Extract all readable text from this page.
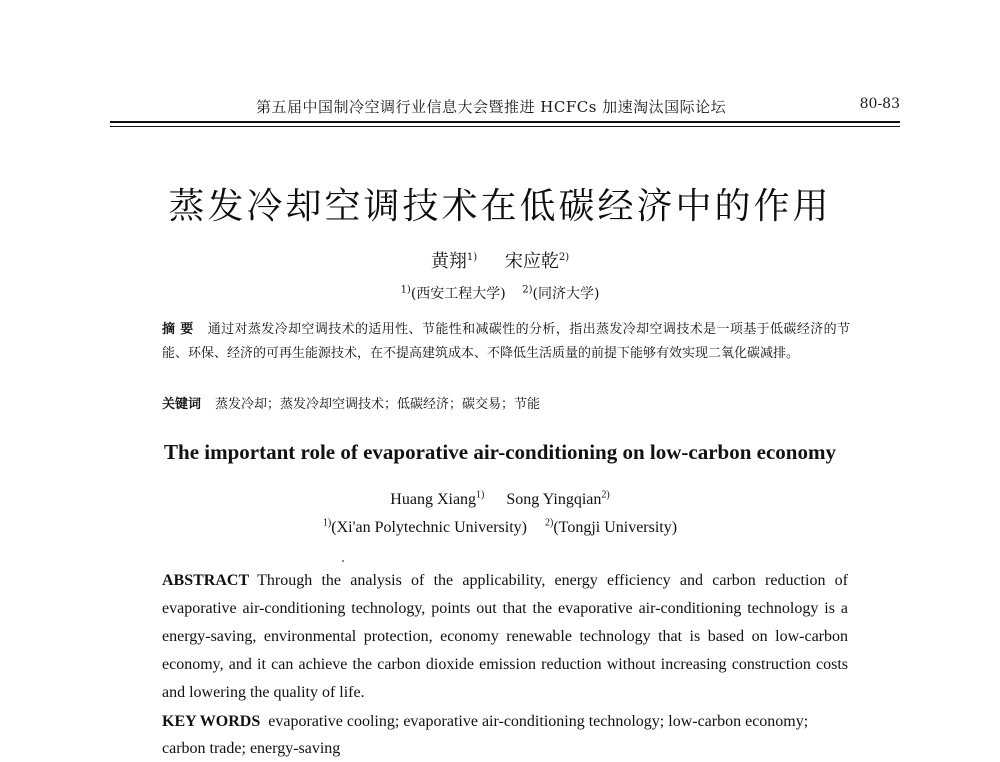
第五届中国制冷空调行业信息大会暨推进 HCFCs 加速淘汰国际论坛	80-83
蒸发冷却空调技术在低碳经济中的作用
黄翔$^{1)}$ 宋应乾$^{2)}$
$^{1)}$(西安工程大学) $^{2)}$(同济大学)
摘 要 通过对蒸发冷却空调技术的适用性、节能性和减碳性的分析，指出蒸发冷却空调技术是一项基于低碳经济的节能、环保、经济的可再生能源技术，在不提高建筑成本、不降低生活质量的前提下能够有效实现二氧化碳减排。
关键词 蒸发冷却；蒸发冷却空调技术；低碳经济；碳交易；节能
The important role of evaporative air-conditioning on low-carbon economy
Huang Xiang$^{1)}$ Song Yingqian$^{2)}$
$^{1)}$(Xi'an Polytechnic University) $^{2)}$(Tongji University)
ABSTRACT Through the analysis of the applicability, energy efficiency and carbon reduction of evaporative air-conditioning technology, points out that the evaporative air-conditioning technology is a energy-saving, environmental protection, economy renewable technology that is based on low-carbon economy, and it can achieve the carbon dioxide emission reduction without increasing construction costs and lowering the quality of life.
KEY WORDS evaporative cooling; evaporative air-conditioning technology; low-carbon economy; carbon trade; energy-saving
